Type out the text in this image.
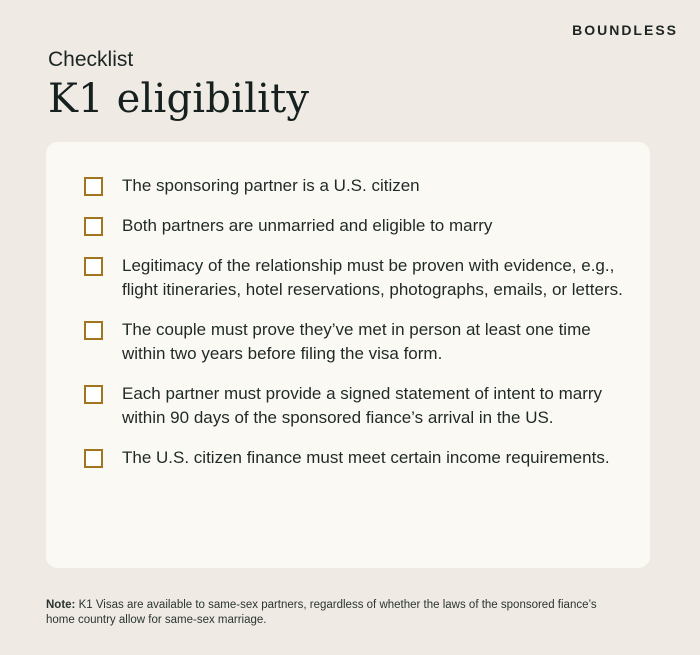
BOUNDLESS
Checklist
K1 eligibility
The sponsoring partner is a U.S. citizen
Both partners are unmarried and eligible to marry
Legitimacy of the relationship must be proven with evidence, e.g., flight itineraries, hotel reservations, photographs, emails, or letters.
The couple must prove they’ve met in person at least one time within two years before filing the visa form.
Each partner must provide a signed statement of intent to marry within 90 days of the sponsored fiance’s arrival in the US.
The U.S. citizen finance must meet certain income requirements.
Note: K1 Visas are available to same-sex partners, regardless of whether the laws of the sponsored fiance’s home country allow for same-sex marriage.
